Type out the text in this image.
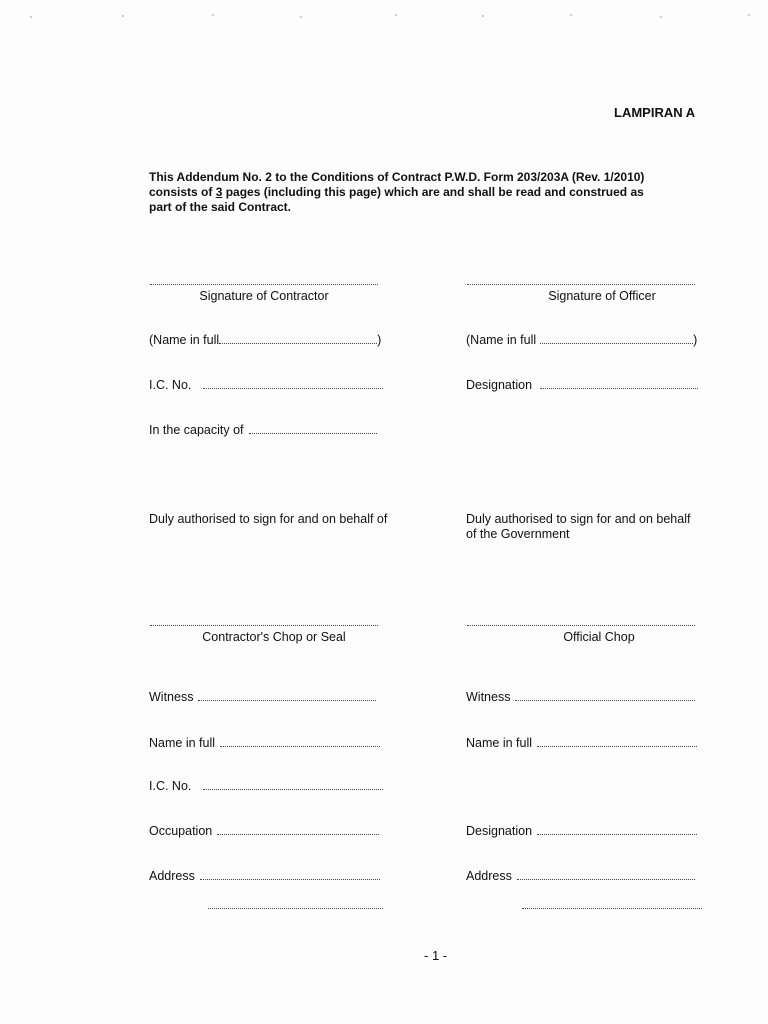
LAMPIRAN A
This Addendum No. 2 to the Conditions of Contract P.W.D. Form 203/203A (Rev. 1/2010)
consists of 3 pages (including this page) which are and shall be read and construed as
part of the said Contract.
Signature of Contractor	Signature of Officer
(Name in full	)	(Name in full	)
I.C. No.	Designation
In the capacity of
Duly authorised to sign for and on behalf of	Duly authorised to sign for and on behalf
of the Government
Contractor's Chop or Seal	Official Chop
Witness	Witness
Name in full	Name in full
I.C. No.
Occupation	Designation
Address	Address
- 1 -
